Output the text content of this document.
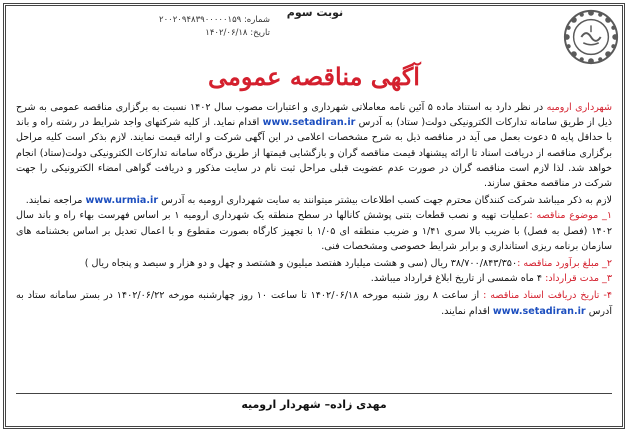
نوبت سوم
شماره: ۲۰۰۲۰۹۴۸۳۹۰۰۰۰۰۱۵۹
تاریخ: ۱۴۰۲/۰۶/۱۸
آگهی مناقصه عمومی

شهرداری ارومیه در نظر دارد به استناد ماده ۵ آئین نامه معاملاتی شهرداری و اعتبارات مصوب سال ۱۴۰۲ نسبت به برگزاری مناقصه عمومی به شرح ذیل از طریق سامانه تدارکات الکترونیکی دولت( ستاد) به آدرس www.setadiran.ir اقدام نماید. از کلیه شرکتهای واجد شرایط در رشته راه و باند با حداقل پایه ۵ دعوت بعمل می آید در مناقصه ذیل به شرح مشخصات اعلامی در این آگهی شرکت و ارائه قیمت نمایند. لازم بذکر است کلیه مراحل برگزاری مناقصه از دریافت اسناد تا ارائه پیشنهاد قیمت مناقصه گران و بازگشایی قیمتها از طریق درگاه سامانه تدارکات الکترونیکی دولت(ستاد) انجام خواهد شد. لذا لازم است مناقصه گران در صورت عدم عضویت قبلی مراحل ثبت نام در سایت مذکور و دریافت گواهی امضاء الکترونیکی را جهت شرکت در مناقصه محقق سازند.

لازم به ذکر میباشد شرکت کنندگان محترم جهت کسب اطلاعات بیشتر میتوانند به سایت شهرداری ارومیه به آدرس www.urmia.ir مراجعه نمایند.

۱_ موضوع مناقصه :عملیات تهیه و نصب قطعات بتنی پوشش کانالها در سطح منطقه یک شهرداری ارومیه ۱ بر اساس فهرست بهاء راه و باند سال ۱۴۰۲ (فصل به فصل) با ضریب بالا سری ۱/۴۱ و ضریب منطقه ای ۱/۰۵ با تجهیز کارگاه بصورت مقطوع و با اعمال تعدیل بر اساس بخشنامه های سازمان برنامه ریزی استانداری و برابر شرایط خصوصی ومشخصات فنی.

۲_ مبلغ برآورد مناقصه :۳۸/۷۰۰/۸۴۳/۳۵۰ ریال (سی و هشت میلیارد هفتصد میلیون و هشتصد و چهل و دو هزار و سیصد و پنجاه ریال )

۳_ مدت قرارداد: ۴ ماه شمسی از تاریخ ابلاغ قرارداد میباشد.

۴- تاریخ دریافت اسناد مناقصه : از ساعت ۸ روز شنبه مورخه ۱۴۰۲/۰۶/۱۸ تا ساعت ۱۰ روز چهارشنبه مورخه ۱۴۰۲/۰۶/۲۲ در بستر سامانه ستاد به آدرس www.setadiran.ir اقدام نمایند.

مهدی زاده– شهردار ارومیه
